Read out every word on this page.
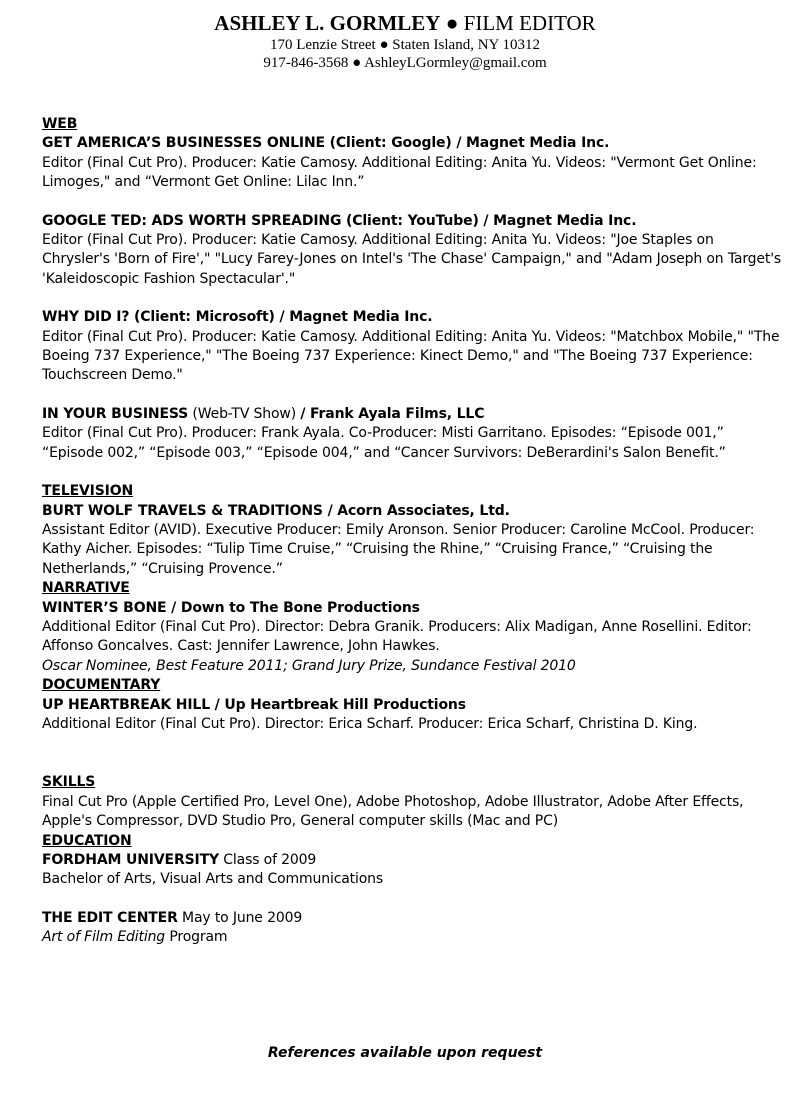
ASHLEY L. GORMLEY ● FILM EDITOR
170 Lenzie Street ● Staten Island, NY 10312
917-846-3568 ● AshleyLGormley@gmail.com
WEB
GET AMERICA’S BUSINESSES ONLINE (Client: Google) / Magnet Media Inc.
Editor (Final Cut Pro). Producer: Katie Camosy. Additional Editing: Anita Yu. Videos: "Vermont Get Online: Limoges," and “Vermont Get Online: Lilac Inn.”
GOOGLE TED: ADS WORTH SPREADING (Client: YouTube) / Magnet Media Inc.
Editor (Final Cut Pro). Producer: Katie Camosy. Additional Editing: Anita Yu. Videos: "Joe Staples on Chrysler's 'Born of Fire'," "Lucy Farey-Jones on Intel's 'The Chase' Campaign," and "Adam Joseph on Target's 'Kaleidoscopic Fashion Spectacular'."
WHY DID I? (Client: Microsoft) / Magnet Media Inc.
Editor (Final Cut Pro). Producer: Katie Camosy. Additional Editing: Anita Yu. Videos: "Matchbox Mobile," "The Boeing 737 Experience," "The Boeing 737 Experience: Kinect Demo," and "The Boeing 737 Experience: Touchscreen Demo."
IN YOUR BUSINESS (Web-TV Show) / Frank Ayala Films, LLC
Editor (Final Cut Pro). Producer: Frank Ayala. Co-Producer: Misti Garritano. Episodes: “Episode 001,” “Episode 002,” “Episode 003,” “Episode 004,” and “Cancer Survivors: DeBerardini's Salon Benefit.”
TELEVISION
BURT WOLF TRAVELS & TRADITIONS / Acorn Associates, Ltd.
Assistant Editor (AVID). Executive Producer: Emily Aronson. Senior Producer: Caroline McCool. Producer: Kathy Aicher. Episodes: “Tulip Time Cruise,” “Cruising the Rhine,” “Cruising France,” “Cruising the Netherlands,” “Cruising Provence.”
NARRATIVE
WINTER’S BONE / Down to The Bone Productions
Additional Editor (Final Cut Pro). Director: Debra Granik. Producers: Alix Madigan, Anne Rosellini. Editor: Affonso Goncalves. Cast: Jennifer Lawrence, John Hawkes.
Oscar Nominee, Best Feature 2011; Grand Jury Prize, Sundance Festival 2010
DOCUMENTARY
UP HEARTBREAK HILL / Up Heartbreak Hill Productions
Additional Editor (Final Cut Pro). Director: Erica Scharf. Producer: Erica Scharf, Christina D. King.
SKILLS
Final Cut Pro (Apple Certified Pro, Level One), Adobe Photoshop, Adobe Illustrator, Adobe After Effects, Apple's Compressor, DVD Studio Pro, General computer skills (Mac and PC)
EDUCATION
FORDHAM UNIVERSITY Class of 2009
Bachelor of Arts, Visual Arts and Communications
THE EDIT CENTER May to June 2009
Art of Film Editing Program
References available upon request
